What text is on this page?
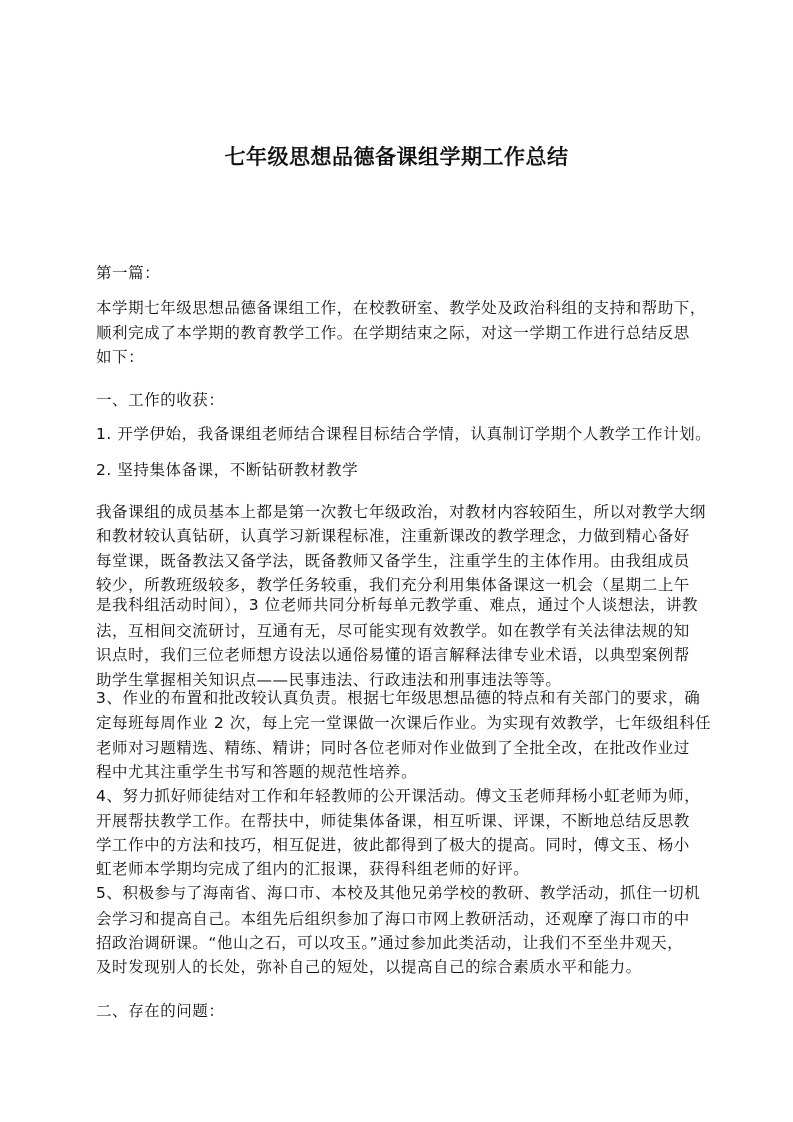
七年级思想品德备课组学期工作总结
第一篇：
本学期七年级思想品德备课组工作，在校教研室、教学处及政治科组的支持和帮助下，
顺利完成了本学期的教育教学工作。在学期结束之际，对这一学期工作进行总结反思
如下：
一、工作的收获：
1. 开学伊始，我备课组老师结合课程目标结合学情，认真制订学期个人教学工作计划。
2. 坚持集体备课，不断钻研教材教学
我备课组的成员基本上都是第一次教七年级政治，对教材内容较陌生，所以对教学大纲
和教材较认真钻研，认真学习新课程标准，注重新课改的教学理念，力做到精心备好
每堂课，既备教法又备学法，既备教师又备学生，注重学生的主体作用。由我组成员
较少，所教班级较多，教学任务较重，我们充分利用集体备课这一机会（星期二上午
是我科组活动时间），3 位老师共同分析每单元教学重、难点，通过个人谈想法，讲教
法，互相间交流研讨，互通有无，尽可能实现有效教学。如在教学有关法律法规的知
识点时，我们三位老师想方设法以通俗易懂的语言解释法律专业术语，以典型案例帮
助学生掌握相关知识点——民事违法、行政违法和刑事违法等等。
3、作业的布置和批改较认真负责。根据七年级思想品德的特点和有关部门的要求，确
定每班每周作业 2 次，每上完一堂课做一次课后作业。为实现有效教学，七年级组科任
老师对习题精选、精练、精讲；同时各位老师对作业做到了全批全改，在批改作业过
程中尤其注重学生书写和答题的规范性培养。
4、努力抓好师徒结对工作和年轻教师的公开课活动。傅文玉老师拜杨小虹老师为师，
开展帮扶教学工作。在帮扶中，师徒集体备课，相互听课、评课，不断地总结反思教
学工作中的方法和技巧，相互促进，彼此都得到了极大的提高。同时，傅文玉、杨小
虹老师本学期均完成了组内的汇报课，获得科组老师的好评。
5、积极参与了海南省、海口市、本校及其他兄弟学校的教研、教学活动，抓住一切机
会学习和提高自己。本组先后组织参加了海口市网上教研活动，还观摩了海口市的中
招政治调研课。“他山之石，可以攻玉。”通过参加此类活动，让我们不至坐井观天，
及时发现别人的长处，弥补自己的短处，以提高自己的综合素质水平和能力。
二、存在的问题：
